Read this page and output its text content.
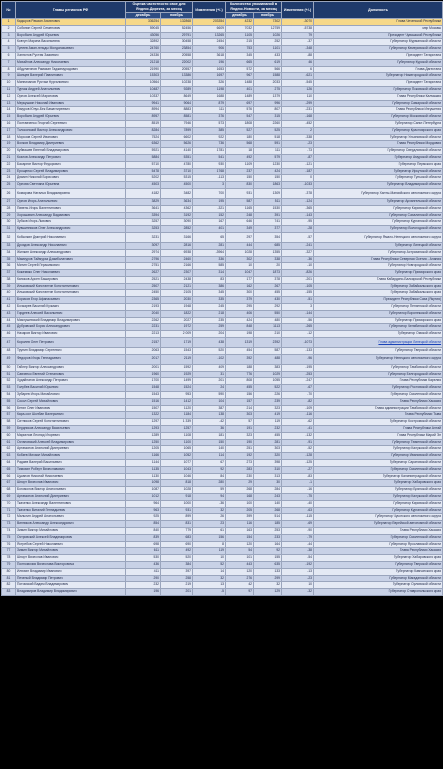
№	Главы регионов РФ	Оценка частотности свое для Яндекс.Директа, за месяц		Изменения (+/-)	Количество упоминаний в Яндекс.Новости, за месяц		Изменения (+/-)	Должность
		декабрь	ноябрь		декабрь	ноябрь		
1	Кадыров Рамзан Ахматович	336254	132868	203354	4232	7302	-3070	Глава Чеченской Республики
2	Собянин Сергей Семенович	59045	52456	6609	7032	12759	-5738	мэр Москвы
3	Воробьев Андрей Юрьевич	43056	29791	13265	1105	1026	79	Президент Чувашской Республики
4	Ковтун Марина Васильевна	32892	30458	2454	215	252	-37	Губернатор Мурманской области
5	Тулеев Аман-гельды Молдагазыевич	24760	23854	906	753	1101	-348	Губернатор Кемеровской области
6	Ханнотов Рустэм Закиевич	24336	20558	3618	345	433	-88	Президент Татарстана
7	Михайлов Александр Николаевич	21218	22002	196	665	619	46	Губернатор Курской области
8	Абдулатипов Рамазан Гаджимурадович	21990	20557	1653	572	566	6	Глава Дагестана
9	Шанцев Валерий Павлинович	15303	13386	1697	967	1588	-621	Губернатор Нижегородской области
10	Минниханов Рустам Нургалиевич	10564	10238	326	1488	2033	-545	Президент Татарстана
11	Турчак Андрей Анатольевич	10487	9289	1198	401	275	126	Губернатор Псковской области
12	Орлов Алексей Маратович	10337	8649	1688	1489	1379	110	Глава Республики Калмыкия
13	Меркушкин Николай Иванович	9941	9064	879	697	996	-299	Губернатор Самарской области
14	Евкуров Юнус-Бек Баматгиреевич	8994	8883	111	576	807	-231	Глава Республики Ингушетия
15	Воробьев Андрей Юрьевич	8957	8581	376	547	315	-168	Губернатор Московской области
16	Полтавченко Георгий Сергеевич	8519	7946	573	1808	2260	-452	Губернатор Санкт-Петербурга
17	Толоконский Виктор Александрович	8284	7899	385	527	525	2	Губернатор Красноярского края
18	Морозов Сергей Иванович	7524	6602	922	180	518	-338	Губернатор Ульяновской области
19	Волков Владимир Дмитриевич	6362	5626	736	568	591	-23	Глава Республики Мордовия
20	Куйвашев Евгений Владимирович	5921	4140	1781	18	111	-73	Губернатор Свердловской области
21	Козлов Александр Петрович	5884	5351	541	492	579	-87	Губернатор Амурской области
22	Басаргин Виктор Федорович	5710	4780	930	1109	1230	-121	Губернатор Пермского края
23	Ерощенко Сергей Владимирович	5478	3710	1768	237	424	-187	Губернатор Иркутской области
24	Дюмин Николай Борисович	5202	5315	-113	150	150	0	Губернатор Тульской области
25	Орлова Светлана Юрьевна	4503	4500	3	830	1863	-1033	Губернатор Владимирской области
26	Комарова Наталья Владимировна	4182	3482	700	931	1309	-378	Губернатор Ханты-Мансийского автономного округа
27	Орлов Игорь Анатольевич	3829	3634	195	587	511	-124	Губернатор Архангельской области
28	Пивень Игорь Валентинович	3641	4362	-321	1165	1530	-365	Губернатор Кировской области
29	Хорошавин Александр Вадимович	3394	3192	152	248	391	-143	Губернатор Сахалинской области
30	Зубков Игорь Львович	3257	3090	167	646	741	-95	Губернатор Курганской области
31	Кувшинников Олег Александрович	3253	2852	401	349	377	-28	Губернатор Вологодской области
32	Кобылкин Дмитрий Николаевич	3231	3166	65	297	354	-57	Губернатор Ямало-Ненецкого автономного округа
33	Дроздов Александр Николаевич	3097	2816	281	444	685	-241	Губернатор Липецкой области
34	Жилкин Александр Александрович	2974	6938	-3964	1028	1355	-327	Губернатор Астраханской области
35	Мамсуров Таймураз Дзамболатович	2796	2460	336	302	338	-36	Глава Республики Северная Осетия - Алания
36	Митин Сергей Герасимович	2751	2166	585	10	20	-10	Губернатор Новгородской области
37	Кожемяко Олег Николаевич	2627	2307	314	1047	1873	-826	Губернатор Приморского края
38	Каноков Арсен Баширович	2521	2438	83	177	378	-201	Глава Кабардино-Балкарской Республики
39	Ильковский Константин Константинович	2507	2121	386	162	267	-105	Губернатор Забайкальского края
40	Ильковский Константин Константинович	2450	2105	345	300	455	-155	Губернатор Забайкальского края
41	Борисов Егор Афанасьевич	2365	2030	335	379	430	-51	Президент Республики Саха (Якутия)
42	Бочкарев Василий Кузьмич	2193	1948	245	295	292	3	Губернатор Пензенской области
43	Гордеев Алексей Васильевич	2040	1822	218	406	550	-144	Губернатор Воронежской области
44	Миклушевский Владимир Владимирович	2262	2027	235	424	480	-56	Губернатор Приморского края
45	Дубровский Борис Александрович	2231	1972	259	848	1113	-265	Губернатор Челябинской области
46	Назаров Виктор Иванович	2213	2 009	204	198	210	-12	Губернатор Омской области
47	Королев Олег Петрович	2157	1719	438	1319	2392	-1073	Глава администрации Липецкой области
48	Трунин Владимир Сергеевич	2063	1543	520	454	587	-133	Губернатор Тверской области
49	Федоров Игорь Геннадьевич	2017	2119	-102	392	488	-96	Губернатор Ненецкого автономного округа
50	Габлер Виктор Александрович	2001	1592	409	188	383	-195	Губернатор Тамбовской области
51	Савченко Евгений Степанович	1960	1929	31	776	1029	-253	Губернатор Белгородской области
52	Худайнатов Александр Петрович	1700	1499	201	808	1055	-247	Глава Республики Карелия
53	Голубев Василий Юрьевич	1548	1524	24	455	522	-67	Губернатор Ростовской области
54	Зубарев Игорь Михайлович	1543	953	590	156	226	-70	Губернатор Смоленской области
55	Сокол Сергей Михайлович	1516	1412	104	157	239	-82	Глава Республики Хакасия
56	Бетин Олег Иванович	1507	1120	387	214	323	-109	Глава администрации Тамбовской области
57	Кара-оол Шолбан Валерьевич	1322	1184	138	303	419	-116	Глава Республики Тыва
58	Ситников Сергей Константинович	1297	1 339	-42	57	119	-62	Губернатор Костромской области
59	Бердников Александр Васильевич	1293	1257	36	191	232	-41	Глава Республики Алтай
60	Маркелов Леонид Игоревич	1289	1108	181	323	455	-132	Глава Республики Марий Эл
61	Остаповский Алексей Владимирович	1250	1100	150	190	281	-91	Губернатор Тюменской области
62	Артамонов Анатолий Дмитриевич	1205	1065	140	251	303	-52	Губернатор Калужской области
63	Кобзев Михаил Михайлович	1166	1052	114	192	320	-128	Губернатор Ивановской области
64	Радаев Валерий Васильевич	1144	1077	67	273	398	-125	Губернатор Саратовской области
65	Тимохин Роберт Вячеславович	1135	1043	92	283	310	-27	Губернатор Смоленской области
66	Цуканов Николай Николаевич	1130	1046	84	230	313	-83	Губернатор Калининградской области
67	Шпорт Вячеслав Иванович	1098	818	280	29	30	-1	Губернатор Хабаровского края
68	Богомолов Виктор Анатольевич	1087	1028	59	268	284	-16	Губернатор Брянской области
69	Артамонов Анатолий Дмитриевич	1012	918	94	168	243	-75	Губернатор Калужской области
70	Ткаченко Александр Валентинович	964	1000	-36	100	140	-40	Губернатор Кировской области
71	Ткаченко Виталий Геннадьевич	963	931	32	205	268	-63	Губернатор Курганской области
72	Малыгин Андрей Анатольевич	925	899	26	399	514	-115	Губернатор Чукотского автономного округа
73	Винников Александр Александрович	854	831	23	116	185	-69	Губернатор Еврейской автономной области
74	Зимин Виктор Михайлович	840	779	61	163	253	-90	Глава Республики Хакасия
75	Островский Алексей Владимирович	839	683	156	154	233	-79	Губернатор Смоленской области
76	Ястребов Сергей Николаевич	698	690	8	120	164	-44	Губернатор Ярославской области
77	Зимин Виктор Михайлович	611	492	119	54	92	-38	Глава Республики Хакасия
78	Шпорт Вячеслав Иванович	530	520	10	101	155	-54	Губернатор Хабаровского края
79	Полномочия Вячеслава Викторовича	436	384	52	443	635	-192	Губернатор Тверской области
80	Илюхин Владимир Иванович	411	397	14	120	133	-13	Губернатор Камчатского края
81	Печеный Владимир Петрович	290	258	32	276	299	-23	Губернатор Магаданской области
82	Потомский Вадим Владимирович	232	219	13	42	32	10	Губернатор Орловской области
83	Владимиров Владимир Владимирович	196	201	-5	97	129	-32	Губернатор Ставропольского края
